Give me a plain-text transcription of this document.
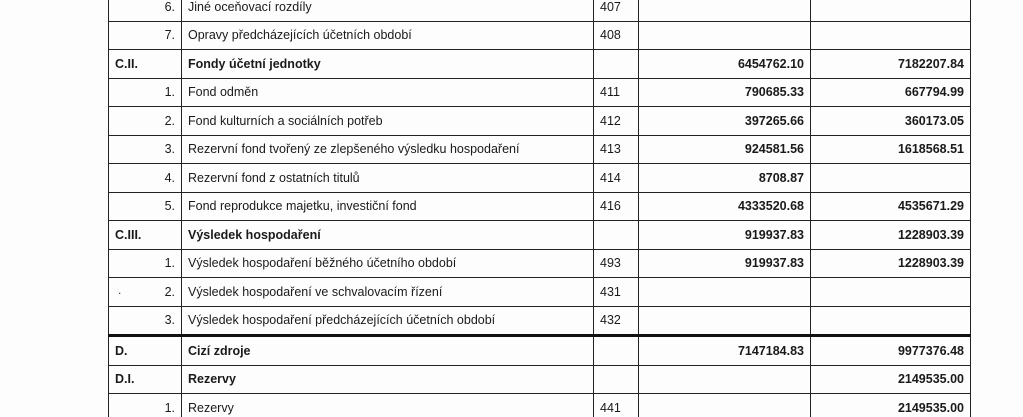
6.	Jiné oceňovací rozdíly	407		
7.	Opravy předcházejících účetních období	408		
C.II.	Fondy účetní jednotky		6454762.10	7182207.84
1.	Fond odměn	411	790685.33	667794.99
2.	Fond kulturních a sociálních potřeb	412	397265.66	360173.05
3.	Rezervní fond tvořený ze zlepšeného výsledku hospodaření	413	924581.56	1618568.51
4.	Rezervní fond z ostatních titulů	414	8708.87	
5.	Fond reprodukce majetku, investiční fond	416	4333520.68	4535671.29
C.III.	Výsledek hospodaření		919937.83	1228903.39
1.	Výsledek hospodaření běžného účetního období	493	919937.83	1228903.39
2.	Výsledek hospodaření ve schvalovacím řízení	431		
3.	Výsledek hospodaření předcházejících účetních období	432		
D.	Cizí zdroje		7147184.83	9977376.48
D.I.	Rezervy			2149535.00
1.	Rezervy	441		2149535.00
.
